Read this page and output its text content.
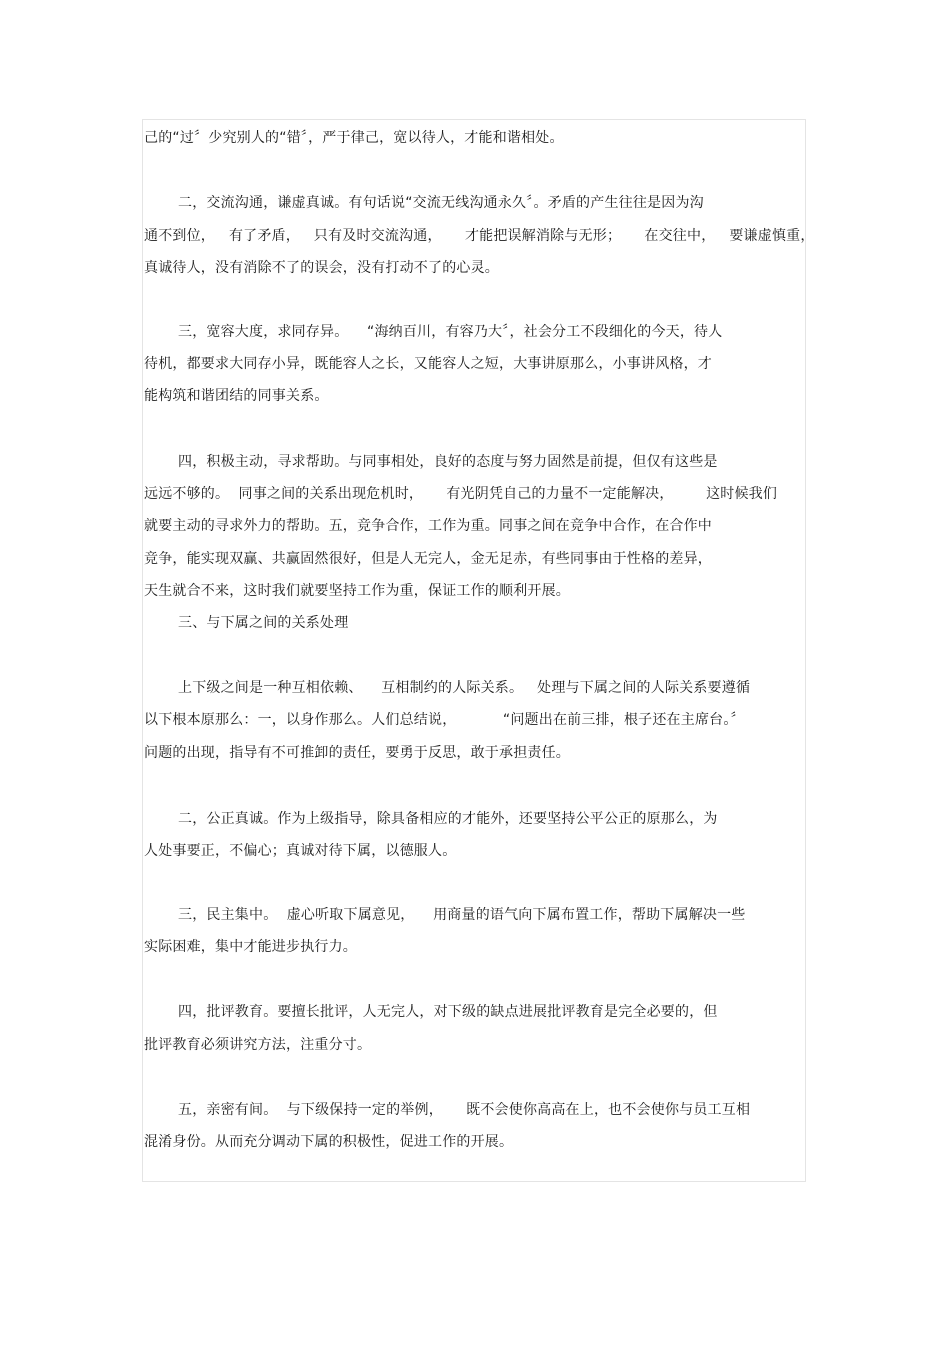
己的“过〞少究别人的“错〞，严于律己，宽以待人，才能和谐相处。

二，交流沟通，谦虚真诚。有句话说“交流无线沟通永久〞。矛盾的产生往往是因为沟

通不到位，   有了矛盾，   只有及时交流沟通，     才能把误解消除与无形；     在交往中，   要谦虚慎重，

真诚待人，没有消除不了的误会，没有打动不了的心灵。

三，宽容大度，求同存异。    “海纳百川，有容乃大〞，社会分工不段细化的今天，待人

待机，都要求大同存小异，既能容人之长，又能容人之短，大事讲原那么，小事讲风格，才

能构筑和谐团结的同事关系。

四，积极主动，寻求帮助。与同事相处，良好的态度与努力固然是前提，但仅有这些是

远远不够的。  同事之间的关系出现危机时，     有光阴凭自己的力量不一定能解决，       这时候我们

就要主动的寻求外力的帮助。五，竞争合作，工作为重。同事之间在竞争中合作，在合作中

竞争，能实现双赢、共赢固然很好，但是人无完人，金无足赤，有些同事由于性格的差异，

天生就合不来，这时我们就要坚持工作为重，保证工作的顺利开展。

三、与下属之间的关系处理

上下级之间是一种互相依赖、    互相制约的人际关系。   处理与下属之间的人际关系要遵循

以下根本原那么：一，以身作那么。人们总结说，          “问题出在前三排，根子还在主席台。〞

问题的出现，指导有不可推卸的责任，要勇于反思，敢于承担责任。

二，公正真诚。作为上级指导，除具备相应的才能外，还要坚持公平公正的原那么，为

人处事要正，不偏心；真诚对待下属，以德服人。

三，民主集中。  虚心听取下属意见，    用商量的语气向下属布置工作，帮助下属解决一些

实际困难，集中才能进步执行力。

四，批评教育。要擅长批评，人无完人，对下级的缺点进展批评教育是完全必要的，但

批评教育必须讲究方法，注重分寸。

五，亲密有间。  与下级保持一定的举例，     既不会使你高高在上，也不会使你与员工互相

混淆身份。从而充分调动下属的积极性，促进工作的开展。
